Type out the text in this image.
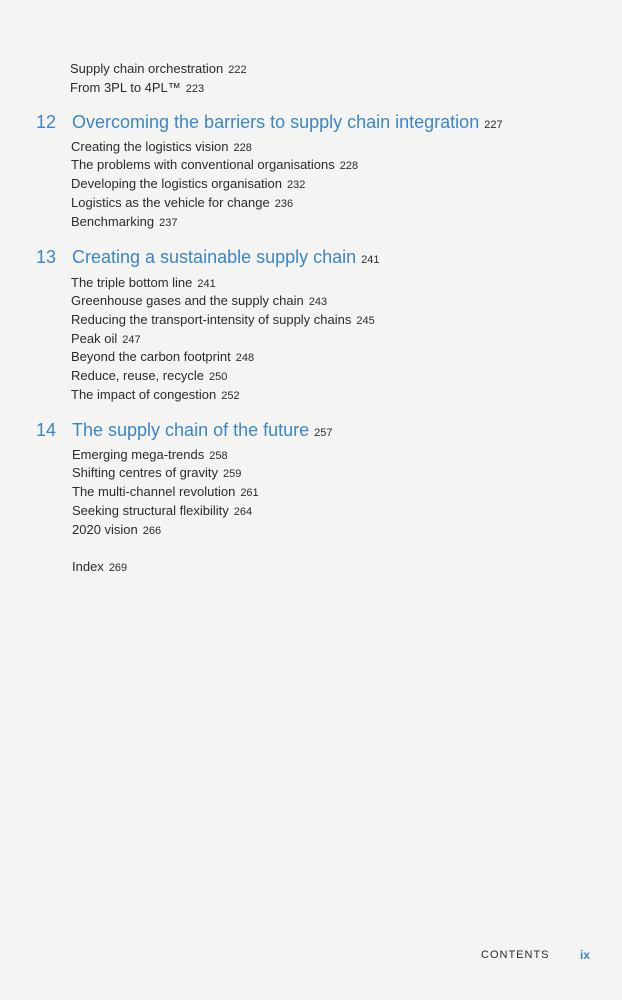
Supply chain orchestration 222
From 3PL to 4PL™ 223
12 Overcoming the barriers to supply chain integration 227
Creating the logistics vision 228
The problems with conventional organisations 228
Developing the logistics organisation 232
Logistics as the vehicle for change 236
Benchmarking 237
13 Creating a sustainable supply chain 241
The triple bottom line 241
Greenhouse gases and the supply chain 243
Reducing the transport-intensity of supply chains 245
Peak oil 247
Beyond the carbon footprint 248
Reduce, reuse, recycle 250
The impact of congestion 252
14 The supply chain of the future 257
Emerging mega-trends 258
Shifting centres of gravity 259
The multi-channel revolution 261
Seeking structural flexibility 264
2020 vision 266
Index 269
CONTENTS	ix
